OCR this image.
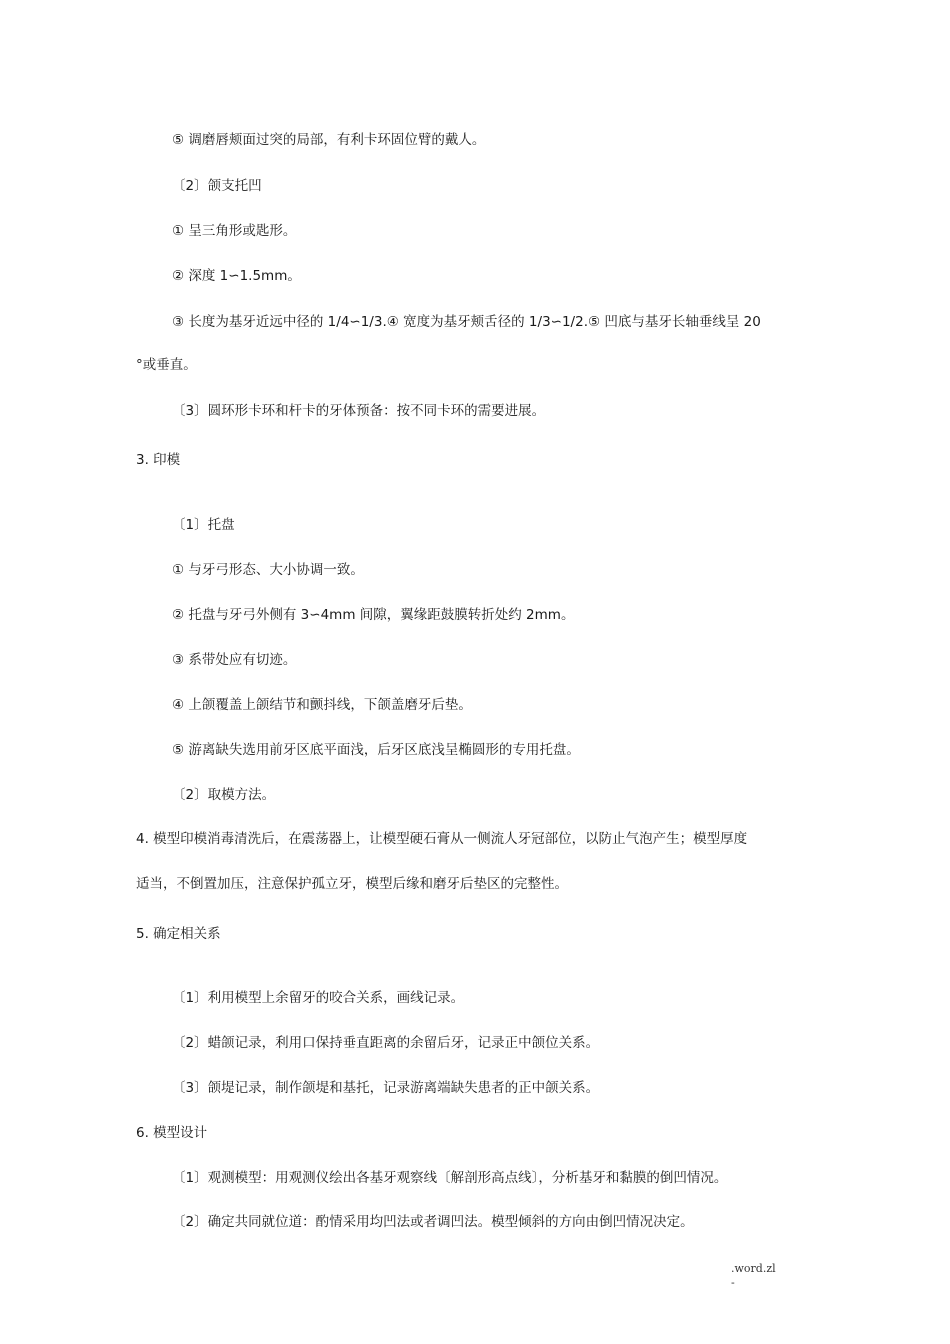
⑤ 调磨唇颊面过突的局部，有利卡环固位臂的戴人。
〔2〕颌支托凹
① 呈三角形或匙形。
② 深度 1∽1.5mm。
③ 长度为基牙近远中径的 1/4∽1/3.④ 宽度为基牙颊舌径的 1/3∽1/2.⑤ 凹底与基牙长轴垂线呈 20
°或垂直。
〔3〕圆环形卡环和杆卡的牙体预备：按不同卡环的需要进展。
3. 印模
〔1〕托盘
① 与牙弓形态、大小协调一致。
② 托盘与牙弓外侧有 3∽4mm 间隙，翼缘距鼓膜转折处约 2mm。
③ 系带处应有切迹。
④ 上颌覆盖上颌结节和颤抖线，下颌盖磨牙后垫。
⑤ 游离缺失选用前牙区底平面浅，后牙区底浅呈椭圆形的专用托盘。
〔2〕取模方法。
4. 模型印模消毒清洗后，在震荡器上，让模型硬石膏从一侧流人牙冠部位，以防止气泡产生；模型厚度
适当，不倒置加压，注意保护孤立牙，模型后缘和磨牙后垫区的完整性。
5. 确定相关系
〔1〕利用模型上余留牙的咬合关系，画线记录。
〔2〕蜡颌记录，利用口保持垂直距离的余留后牙，记录正中颌位关系。
〔3〕颌堤记录，制作颌堤和基托，记录游离端缺失患者的正中颌关系。
6. 模型设计
〔1〕观测模型：用观测仪绘出各基牙观察线〔解剖形高点线〕，分析基牙和黏膜的倒凹情况。
〔2〕确定共同就位道：酌情采用均凹法或者调凹法。模型倾斜的方向由倒凹情况决定。
.word.zl
-
